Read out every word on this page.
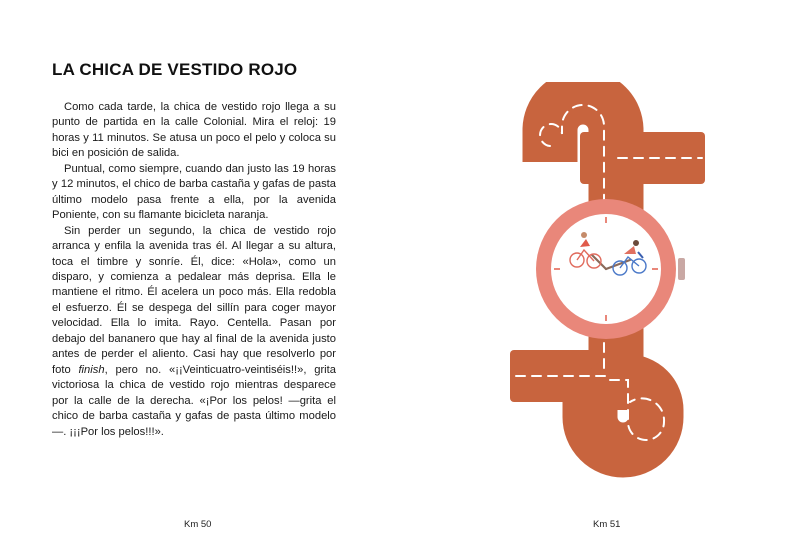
LA CHICA DE VESTIDO ROJO

Como cada tarde, la chica de vestido rojo llega a su punto de partida en la calle Colonial. Mira el reloj: 19 horas y 11 minutos. Se atusa un poco el pelo y coloca su bici en posición de salida.

Puntual, como siempre, cuando dan justo las 19 horas y 12 minutos, el chico de barba castaña y gafas de pasta último modelo pasa frente a ella, por la avenida Poniente, con su flamante bicicleta naranja.

Sin perder un segundo, la chica de vestido rojo arranca y enfila la avenida tras él. Al llegar a su altura, toca el timbre y sonríe. Él, dice: «Hola», como un disparo, y comienza a pedalear más deprisa. Ella le mantiene el ritmo. Él acelera un poco más. Ella redobla el esfuerzo. Él se despega del sillín para coger mayor velocidad. Ella lo imita. Rayo. Centella. Pasan por debajo del bananero que hay al final de la avenida justo antes de perder el aliento. Casi hay que resolverlo por foto finish, pero no. «¡¡Veinticuatro-veintiséis!!», grita victoriosa la chica de vestido rojo mientras desparece por la calle de la derecha. «¡Por los pelos! —grita el chico de barba castaña y gafas de pasta último modelo—. ¡¡¡Por los pelos!!!».

Km 50	Km 51
